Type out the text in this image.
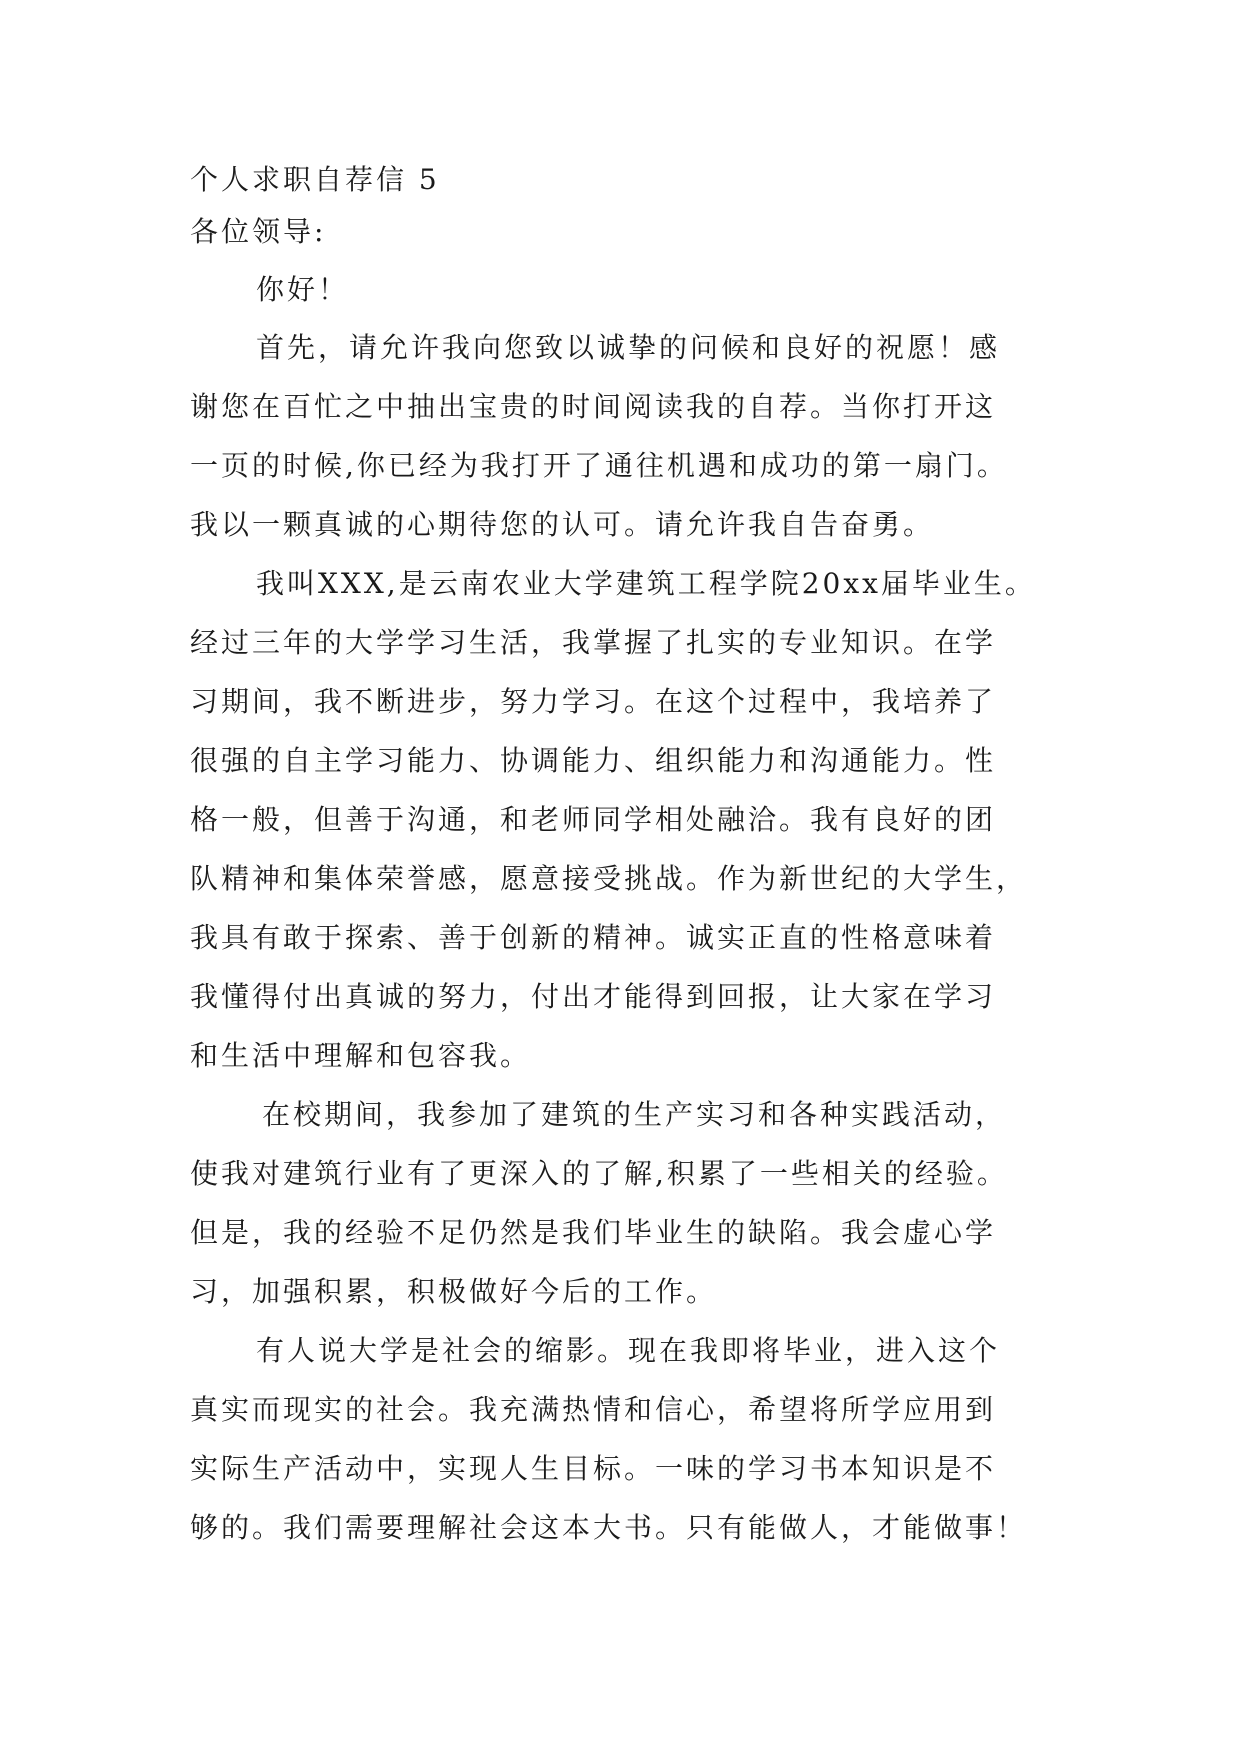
个人求职自荐信 5
各位领导:
你好！
首先，请允许我向您致以诚挚的问候和良好的祝愿！感
谢您在百忙之中抽出宝贵的时间阅读我的自荐。当你打开这
一页的时候,你已经为我打开了通往机遇和成功的第一扇门。
我以一颗真诚的心期待您的认可。请允许我自告奋勇。
我叫XXX,是云南农业大学建筑工程学院20xx届毕业生。
经过三年的大学学习生活，我掌握了扎实的专业知识。在学
习期间，我不断进步，努力学习。在这个过程中，我培养了
很强的自主学习能力、协调能力、组织能力和沟通能力。性
格一般，但善于沟通，和老师同学相处融洽。我有良好的团
队精神和集体荣誉感，愿意接受挑战。作为新世纪的大学生，
我具有敢于探索、善于创新的精神。诚实正直的性格意味着
我懂得付出真诚的努力，付出才能得到回报，让大家在学习
和生活中理解和包容我。
在校期间，我参加了建筑的生产实习和各种实践活动，
使我对建筑行业有了更深入的了解,积累了一些相关的经验。
但是，我的经验不足仍然是我们毕业生的缺陷。我会虚心学
习，加强积累，积极做好今后的工作。
有人说大学是社会的缩影。现在我即将毕业，进入这个
真实而现实的社会。我充满热情和信心，希望将所学应用到
实际生产活动中，实现人生目标。一味的学习书本知识是不
够的。我们需要理解社会这本大书。只有能做人，才能做事！
